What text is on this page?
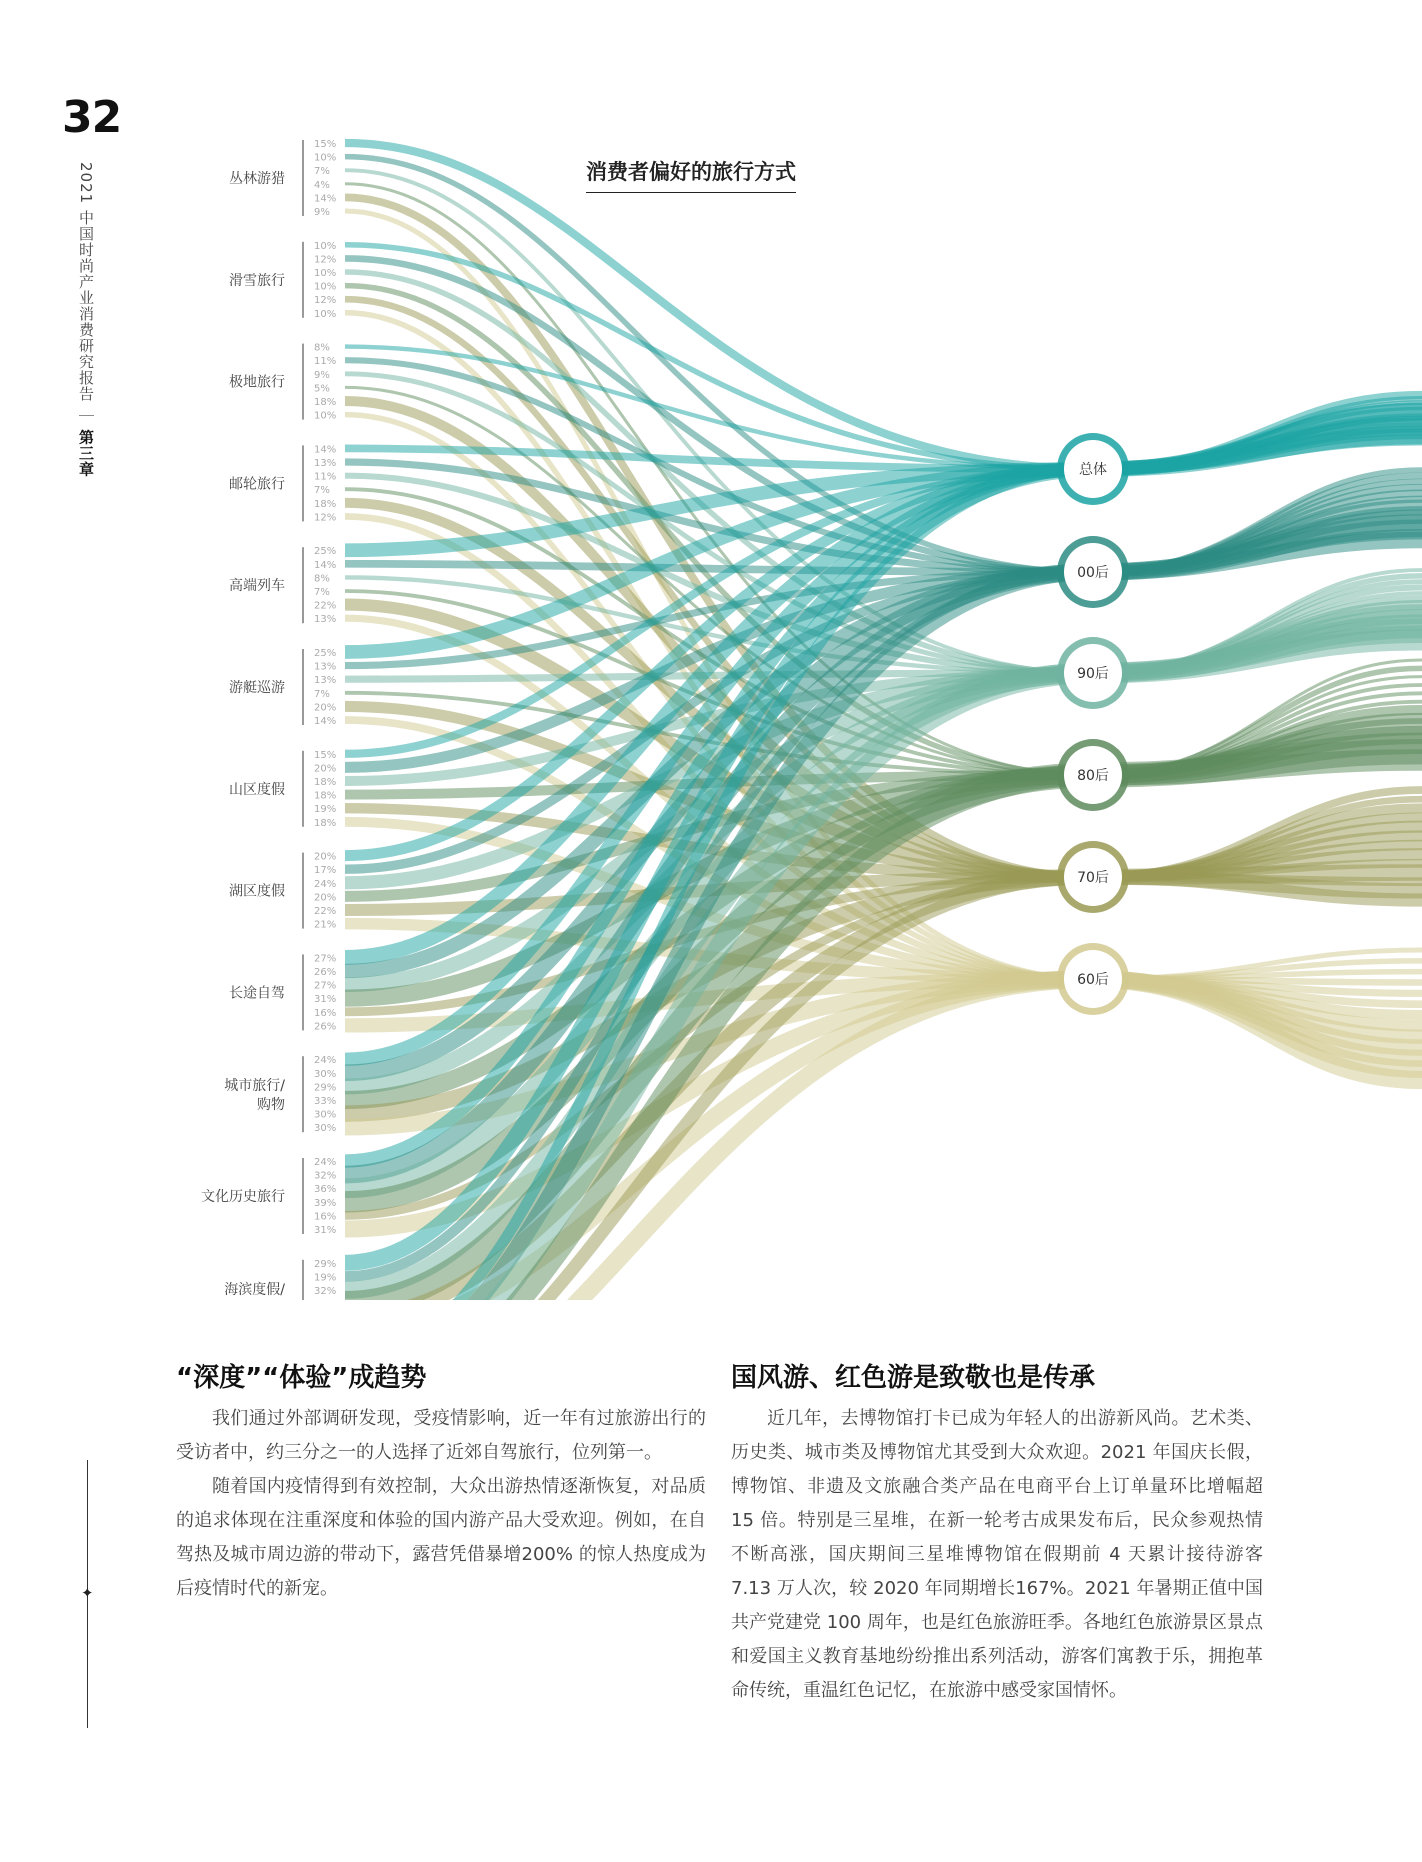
32
2021 中国时尚产业消费研究报告 ｜ 第三章
✦
丛林游猎
15%
10%
7%
4%
14%
9%
滑雪旅行
10%
12%
10%
10%
12%
10%
极地旅行
8%
11%
9%
5%
18%
10%
邮轮旅行
14%
13%
11%
7%
18%
12%
高端列车
25%
14%
8%
7%
22%
13%
游艇巡游
25%
13%
13%
7%
20%
14%
山区度假
15%
20%
18%
18%
19%
18%
湖区度假
20%
17%
24%
20%
22%
21%
长途自驾
27%
26%
27%
31%
16%
26%
城市旅行/
购物
24%
30%
29%
33%
30%
30%
文化历史旅行
24%
32%
36%
39%
16%
31%
海滨度假/
29%
19%
32%
总体
00后
90后
80后
70后
60后
消费者偏好的旅行方式
“深度”“体验”成趋势

我们通过外部调研发现，受疫情影响，近一年有过旅游出行的受访者中，约三分之一的人选择了近郊自驾旅行，位列第一。

随着国内疫情得到有效控制，大众出游热情逐渐恢复，对品质的追求体现在注重深度和体验的国内游产品大受欢迎。例如，在自驾热及城市周边游的带动下，露营凭借暴增200% 的惊人热度成为后疫情时代的新宠。

国风游、红色游是致敬也是传承

近几年，去博物馆打卡已成为年轻人的出游新风尚。艺术类、历史类、城市类及博物馆尤其受到大众欢迎。2021 年国庆长假，博物馆、非遗及文旅融合类产品在电商平台上订单量环比增幅超 15 倍。特别是三星堆，在新一轮考古成果发布后，民众参观热情不断高涨，国庆期间三星堆博物馆在假期前 4 天累计接待游客 7.13 万人次，较 2020 年同期增长167%。2021 年暑期正值中国共产党建党 100 周年，也是红色旅游旺季。各地红色旅游景区景点和爱国主义教育基地纷纷推出系列活动，游客们寓教于乐，拥抱革命传统，重温红色记忆，在旅游中感受家国情怀。
